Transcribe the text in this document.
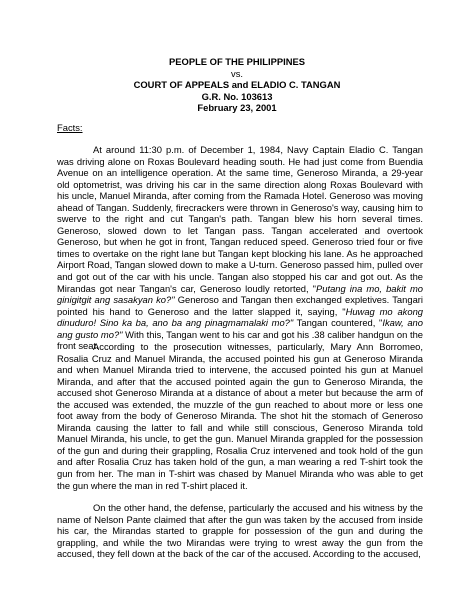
PEOPLE OF THE PHILIPPINES
vs.
COURT OF APPEALS and ELADIO C. TANGAN
G.R. No. 103613
February 23, 2001
Facts:

At around 11:30 p.m. of December 1, 1984, Navy Captain Eladio C. Tangan was driving alone on Roxas Boulevard heading south. He had just come from Buendia Avenue on an intelligence operation. At the same time, Generoso Miranda, a 29-year old optometrist, was driving his car in the same direction along Roxas Boulevard with his uncle, Manuel Miranda, after coming from the Ramada Hotel. Generoso was moving ahead of Tangan. Suddenly, firecrackers were thrown in Generoso's way, causing him to swerve to the right and cut Tangan's path. Tangan blew his horn several times. Generoso, slowed down to let Tangan pass. Tangan accelerated and overtook Generoso, but when he got in front, Tangan reduced speed. Generoso tried four or five times to overtake on the right lane but Tangan kept blocking his lane. As he approached Airport Road, Tangan slowed down to make a U-turn. Generoso passed him, pulled over and got out of the car with his uncle. Tangan also stopped his car and got out. As the Mirandas got near Tangan's car, Generoso loudly retorted, "Putang ina mo, bakit mo ginigitgit ang sasakyan ko?" Generoso and Tangan then exchanged expletives. Tangari pointed his hand to Generoso and the latter slapped it, saying, "Huwag mo akong dinuduro! Sino ka ba, ano ba ang pinagmamalaki mo?" Tangan countered, "Ikaw, ano ang gusto mo?" With this, Tangan went to his car and got his .38 caliber handgun on the front seat.

According to the prosecution witnesses, particularly, Mary Ann Borromeo, Rosalia Cruz and Manuel Miranda, the accused pointed his gun at Generoso Miranda and when Manuel Miranda tried to intervene, the accused pointed his gun at Manuel Miranda, and after that the accused pointed again the gun to Generoso Miranda, the accused shot Generoso Miranda at a distance of about a meter but because the arm of the accused was extended, the muzzle of the gun reached to about more or less one foot away from the body of Generoso Miranda. The shot hit the stomach of Generoso Miranda causing the latter to fall and while still conscious, Generoso Miranda told Manuel Miranda, his uncle, to get the gun. Manuel Miranda grappled for the possession of the gun and during their grappling, Rosalia Cruz intervened and took hold of the gun and after Rosalia Cruz has taken hold of the gun, a man wearing a red T-shirt took the gun from her. The man in T-shirt was chased by Manuel Miranda who was able to get the gun where the man in red T-shirt placed it.

On the other hand, the defense, particularly the accused and his witness by the name of Nelson Pante claimed that after the gun was taken by the accused from inside his car, the Mirandas started to grapple for possession of the gun and during the grappling, and while the two Mirandas were trying to wrest away the gun from the accused, they fell down at the back of the car of the accused. According to the accused,
